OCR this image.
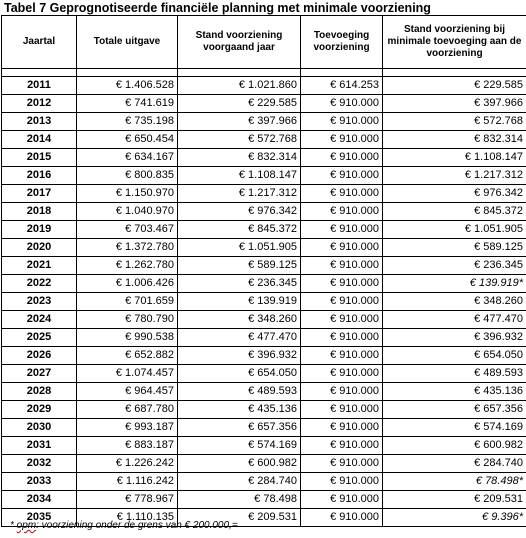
Tabel 7 Geprognotiseerde financiële planning met minimale voorziening
Jaartal	Totale uitgave	Stand voorziening voorgaand jaar	Toevoeging voorziening	Stand voorziening bij minimale toevoeging aan de voorziening

2011	€ 1.406.528	€ 1.021.860	€ 614.253	€ 229.585
2012	€ 741.619	€ 229.585	€ 910.000	€ 397.966
2013	€ 735.198	€ 397.966	€ 910.000	€ 572.768
2014	€ 650.454	€ 572.768	€ 910.000	€ 832.314
2015	€ 634.167	€ 832.314	€ 910.000	€ 1.108.147
2016	€ 800.835	€ 1.108.147	€ 910.000	€ 1.217.312
2017	€ 1.150.970	€ 1.217.312	€ 910.000	€ 976.342
2018	€ 1.040.970	€ 976.342	€ 910.000	€ 845.372
2019	€ 703.467	€ 845.372	€ 910.000	€ 1.051.905
2020	€ 1.372.780	€ 1.051.905	€ 910.000	€ 589.125
2021	€ 1.262.780	€ 589.125	€ 910.000	€ 236.345
2022	€ 1.006.426	€ 236.345	€ 910.000	€ 139.919*
2023	€ 701.659	€ 139.919	€ 910.000	€ 348.260
2024	€ 780.790	€ 348.260	€ 910.000	€ 477.470
2025	€ 990.538	€ 477.470	€ 910.000	€ 396.932
2026	€ 652.882	€ 396.932	€ 910.000	€ 654.050
2027	€ 1.074.457	€ 654.050	€ 910.000	€ 489.593
2028	€ 964.457	€ 489.593	€ 910.000	€ 435.136
2029	€ 687.780	€ 435.136	€ 910.000	€ 657.356
2030	€ 993.187	€ 657.356	€ 910.000	€ 574.169
2031	€ 883.187	€ 574.169	€ 910.000	€ 600.982
2032	€ 1.226.242	€ 600.982	€ 910.000	€ 284.740
2033	€ 1.116.242	€ 284.740	€ 910.000	€ 78.498*
2034	€ 778.967	€ 78.498	€ 910.000	€ 209.531
2035	€ 1.110.135	€ 209.531	€ 910.000	€ 9.396*
* opm: voorziening onder de grens van € 200.000,=
